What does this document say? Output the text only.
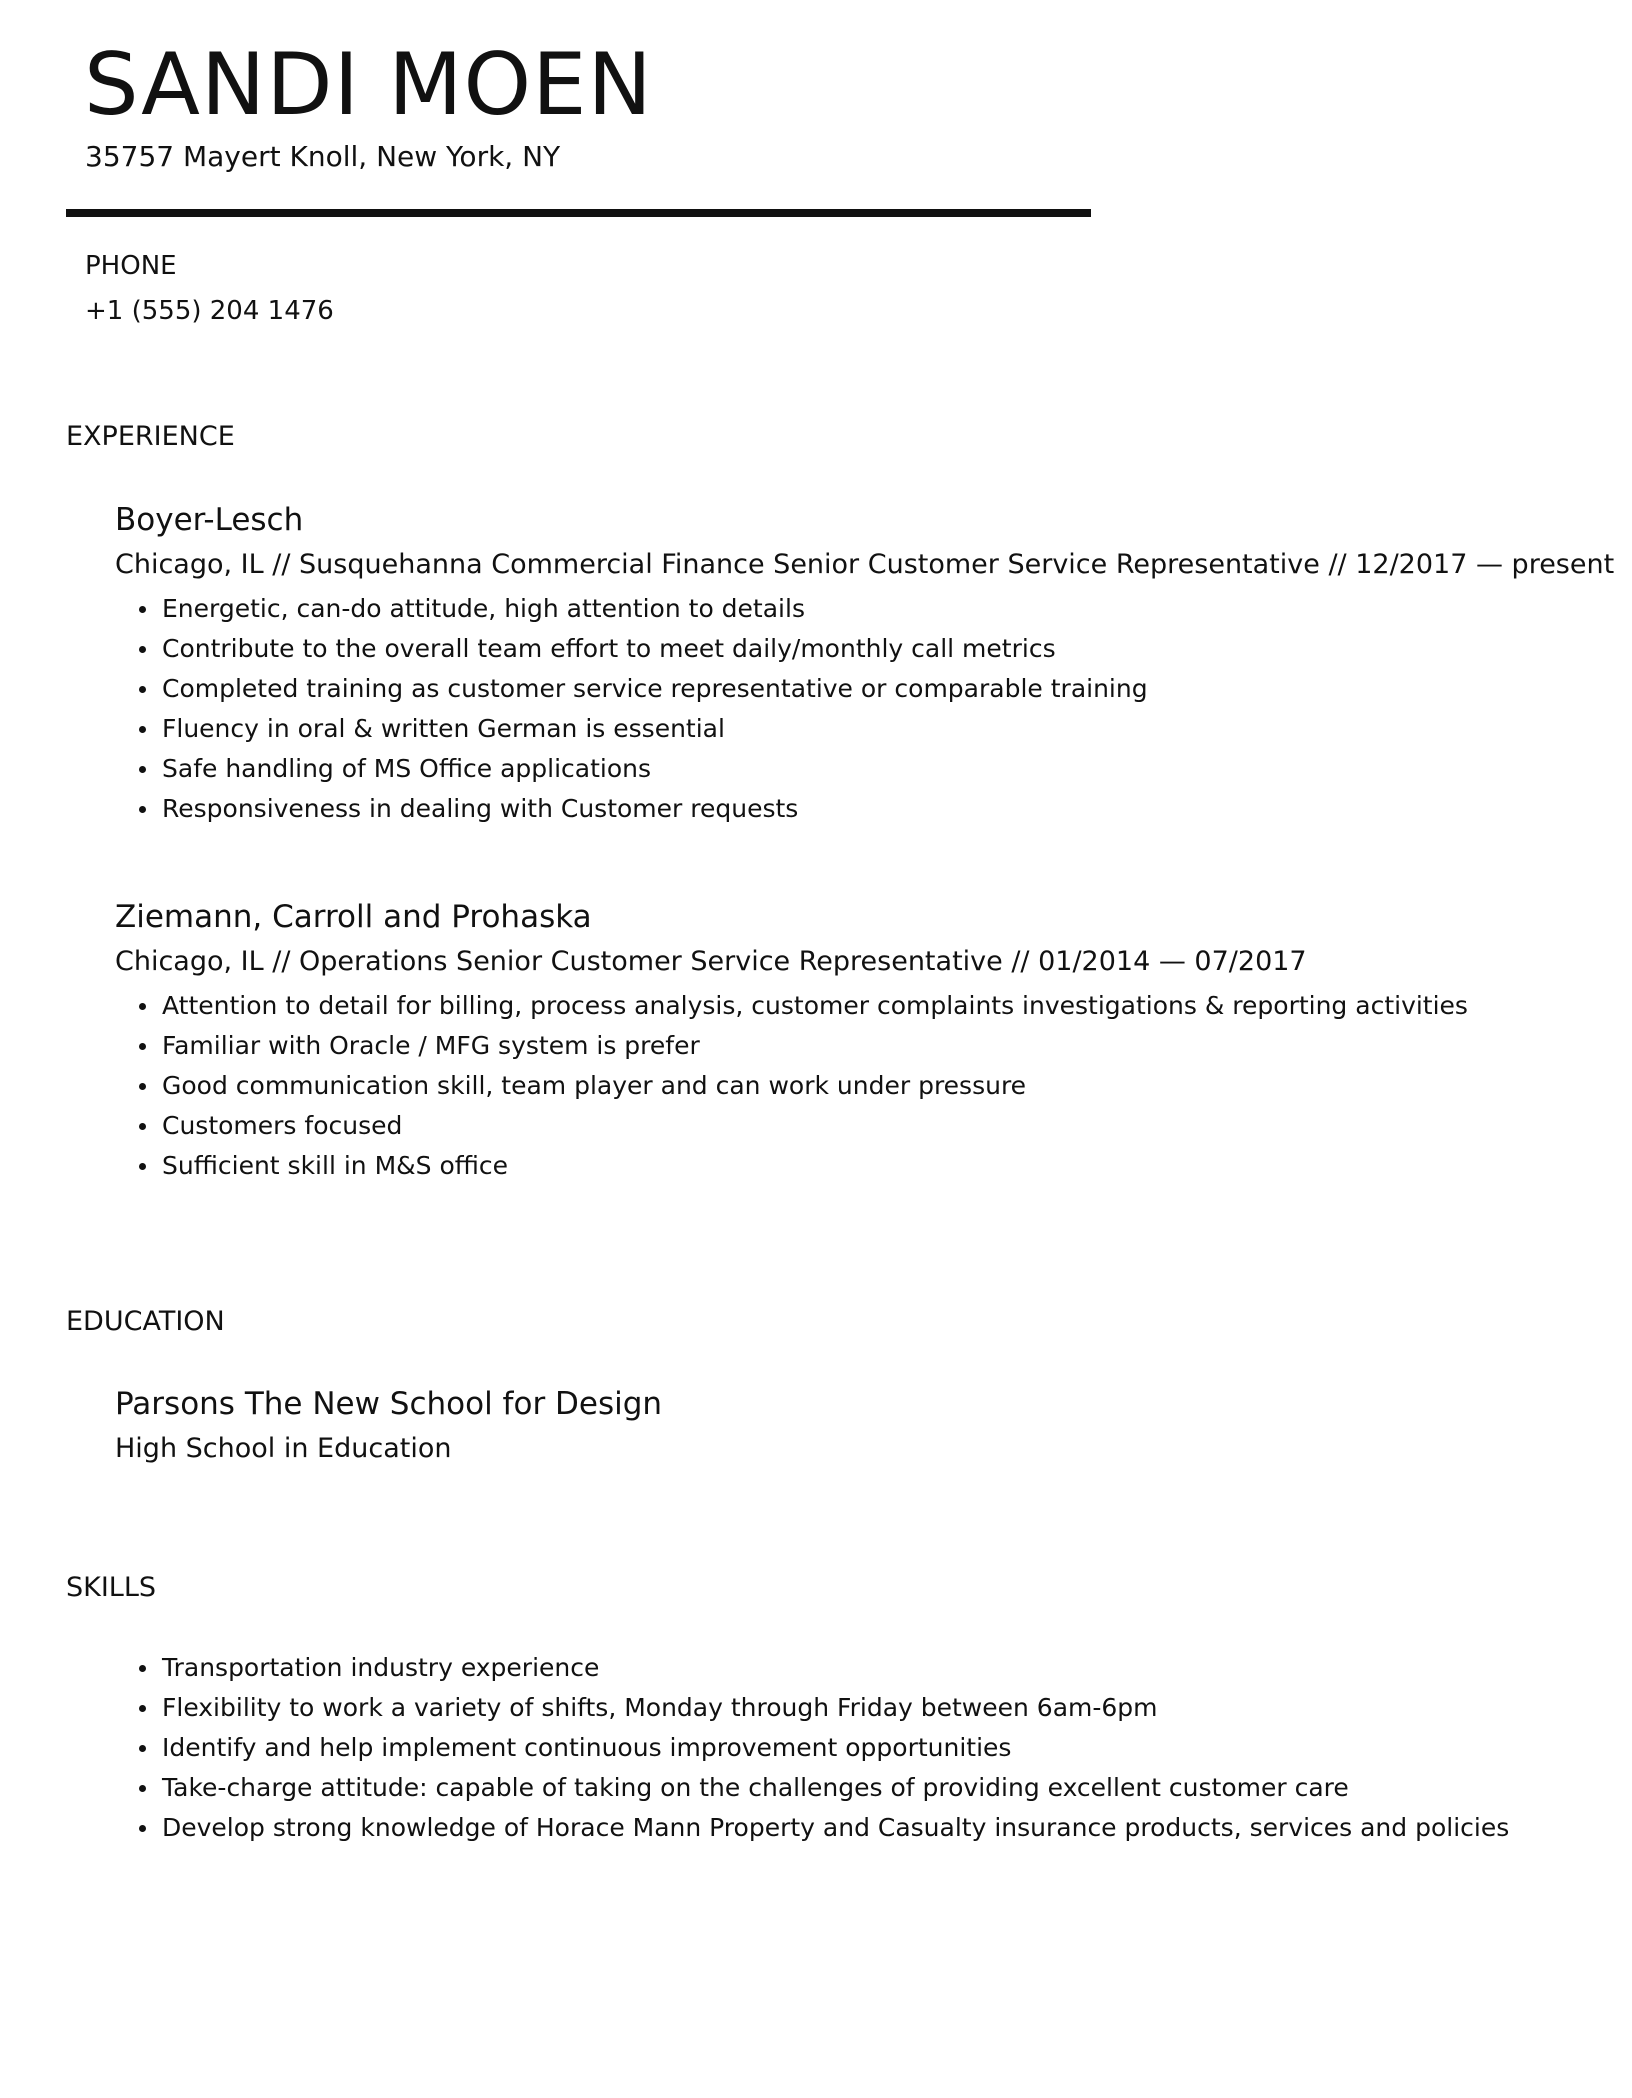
SANDI MOEN
35757 Mayert Knoll, New York, NY
PHONE
+1 (555) 204 1476
EXPERIENCE
Boyer-Lesch
Chicago, IL // Susquehanna Commercial Finance Senior Customer Service Representative // 12/2017 — present
Energetic, can-do attitude, high attention to details
Contribute to the overall team effort to meet daily/monthly call metrics
Completed training as customer service representative or comparable training
Fluency in oral & written German is essential
Safe handling of MS Office applications
Responsiveness in dealing with Customer requests
Ziemann, Carroll and Prohaska
Chicago, IL // Operations Senior Customer Service Representative // 01/2014 — 07/2017
Attention to detail for billing, process analysis, customer complaints investigations & reporting activities
Familiar with Oracle / MFG system is prefer
Good communication skill, team player and can work under pressure
Customers focused
Sufficient skill in M&S office
EDUCATION
Parsons The New School for Design
High School in Education
SKILLS
Transportation industry experience
Flexibility to work a variety of shifts, Monday through Friday between 6am-6pm
Identify and help implement continuous improvement opportunities
Take-charge attitude: capable of taking on the challenges of providing excellent customer care
Develop strong knowledge of Horace Mann Property and Casualty insurance products, services and policies
